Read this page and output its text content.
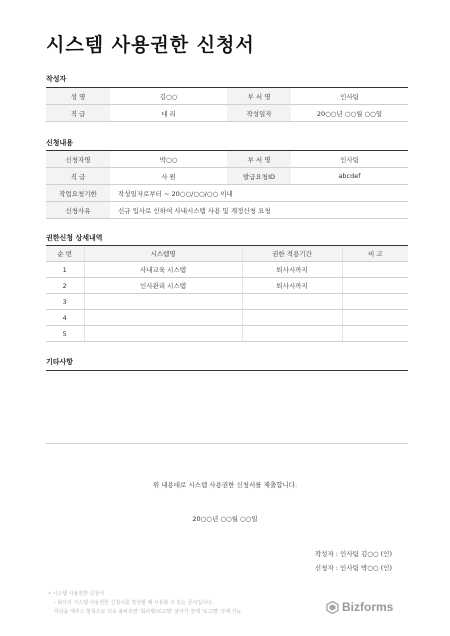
시스템 사용권한 신청서
작성자
성 명	김○○	부 서 명	인사팀
직 급	대 리	작성일자	20○○년 ○○월 ○○일
신청내용
신청자명	박○○	부 서 명	인사팀
직 급	사 원	발급요청ID	abcdef
작업요청기한	작성일자로부터 ~ 20○○/○○/○○ 이내		
신청사유	신규 입사로 인하여 사내시스템 사용 및 계정신청 요청		
권한신청 상세내역
순 번	시스템명	권한 적용기간	비 고
1	사내교육 시스템	퇴사시까지	
2	인사관리 시스템	퇴사시까지	
3			
4			
5			
기타사항
위 내용대로 시스템 사용권한 신청서를 제출합니다.
20○○년 ○○월 ○○일
작성자 : 인사팀 김○○ (인)
신청자 : 인사팀 박○○ (인)
• 시스템 사용권한 신청서
- 회사의 시스템 사용권한 신청서를 작성할 때 사용할 수 있는 문서입니다.
하단을 재무스 항목으로 더욱 올바르면 '회사명/로고명' 삼자가 전제 '로고명' 삭제 가능	Bizforms
